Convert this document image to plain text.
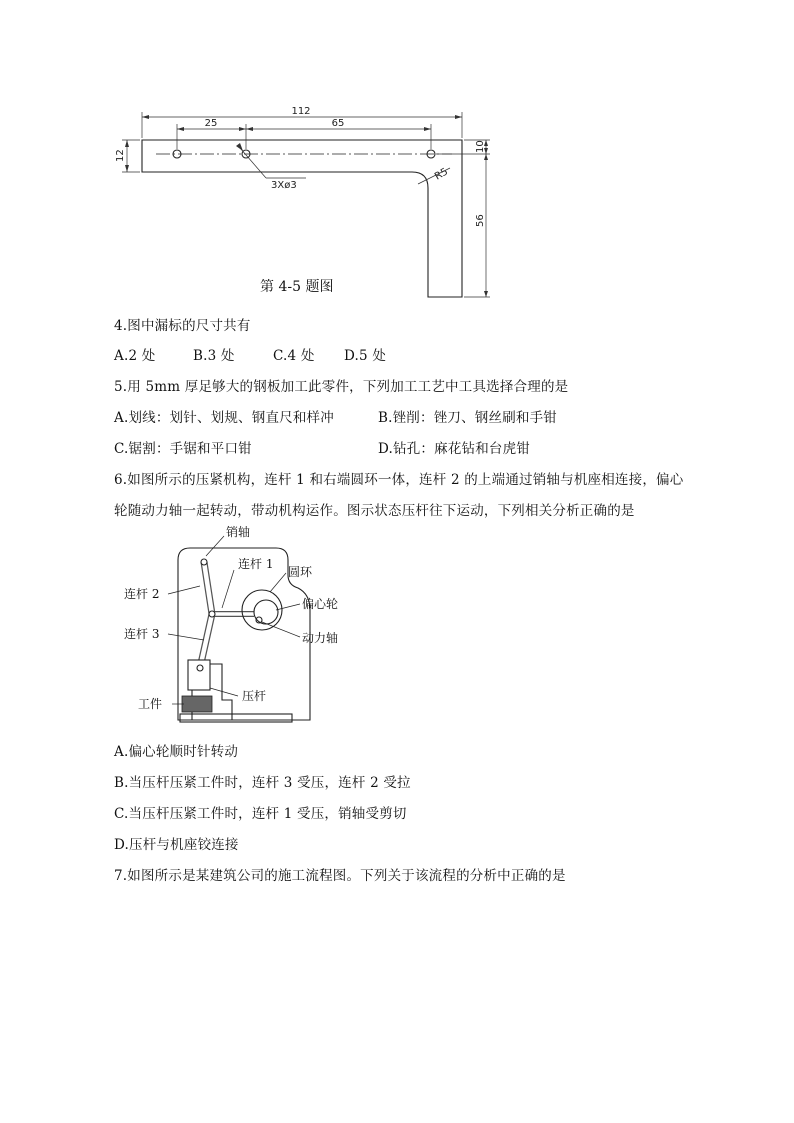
112
25	65
12
10
56
R5
3Xø3
第 4-5 题图
4.图中漏标的尺寸共有
A.2 处	B.3 处	C.4 处 D.5 处
5.用 5mm 厚足够大的钢板加工此零件，下列加工工艺中工具选择合理的是
A.划线：划针、划规、钢直尺和样冲	B.锉削：锉刀、钢丝刷和手钳
C.锯割：手锯和平口钳	D.钻孔：麻花钻和台虎钳
6.如图所示的压紧机构，连杆 1 和右端圆环一体，连杆 2 的上端通过销轴与机座相连接，偏心
轮随动力轴一起转动，带动机构运作。图示状态压杆往下运动，下列相关分析正确的是
销轴
连杆 1
圆环
连杆 2
偏心轮
连杆 3	动力轴
压杆
工件
A.偏心轮顺时针转动
B.当压杆压紧工件时，连杆 3 受压，连杆 2 受拉
C.当压杆压紧工件时，连杆 1 受压，销轴受剪切
D.压杆与机座铰连接
7.如图所示是某建筑公司的施工流程图。下列关于该流程的分析中正确的是
